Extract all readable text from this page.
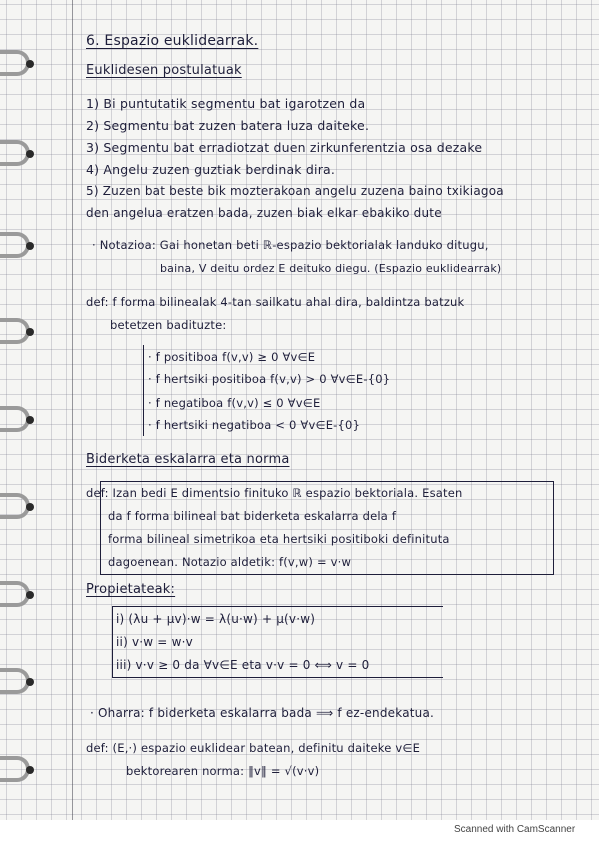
6. Espazio euklidearrak.
Euklidesen postulatuak
1) Bi puntutatik segmentu bat igarotzen da
2) Segmentu bat zuzen batera luza daiteke.
3) Segmentu bat erradiotzat duen zirkunferentzia osa dezake
4) Angelu zuzen guztiak berdinak dira.
5) Zuzen bat beste bik mozterakoan angelu zuzena baino txikiagoa
den angelua eratzen bada, zuzen biak elkar ebakiko dute
· Notazioa: Gai honetan beti ℝ-espazio bektorialak landuko ditugu,
baina, V deitu ordez E deituko diegu. (Espazio euklidearrak)
def: f forma bilinealak 4-tan sailkatu ahal dira, baldintza batzuk
betetzen badituzte:
· f positiboa f(v,v) ≥ 0 ∀v∈E
· f hertsiki positiboa f(v,v) > 0 ∀v∈E-{0}
· f negatiboa f(v,v) ≤ 0 ∀v∈E
· f hertsiki negatiboa < 0 ∀v∈E-{0}
Biderketa eskalarra eta norma
def: Izan bedi E dimentsio finituko ℝ espazio bektoriala. Esaten
da f forma bilineal bat biderketa eskalarra dela f
forma bilineal simetrikoa eta hertsiki positiboki definituta
dagoenean. Notazio aldetik: f(v,w) = v·w
Propietateak:
i) (λu + μv)·w = λ(u·w) + μ(v·w)
ii) v·w = w·v
iii) v·v ≥ 0 da ∀v∈E eta v·v = 0 ⟺ v = 0
· Oharra: f biderketa eskalarra bada ⟹ f ez-endekatua.
def: (E,·) espazio euklidear batean, definitu daiteke v∈E
bektorearen norma: ‖v‖ = √(v·v)
Scanned with CamScanner
